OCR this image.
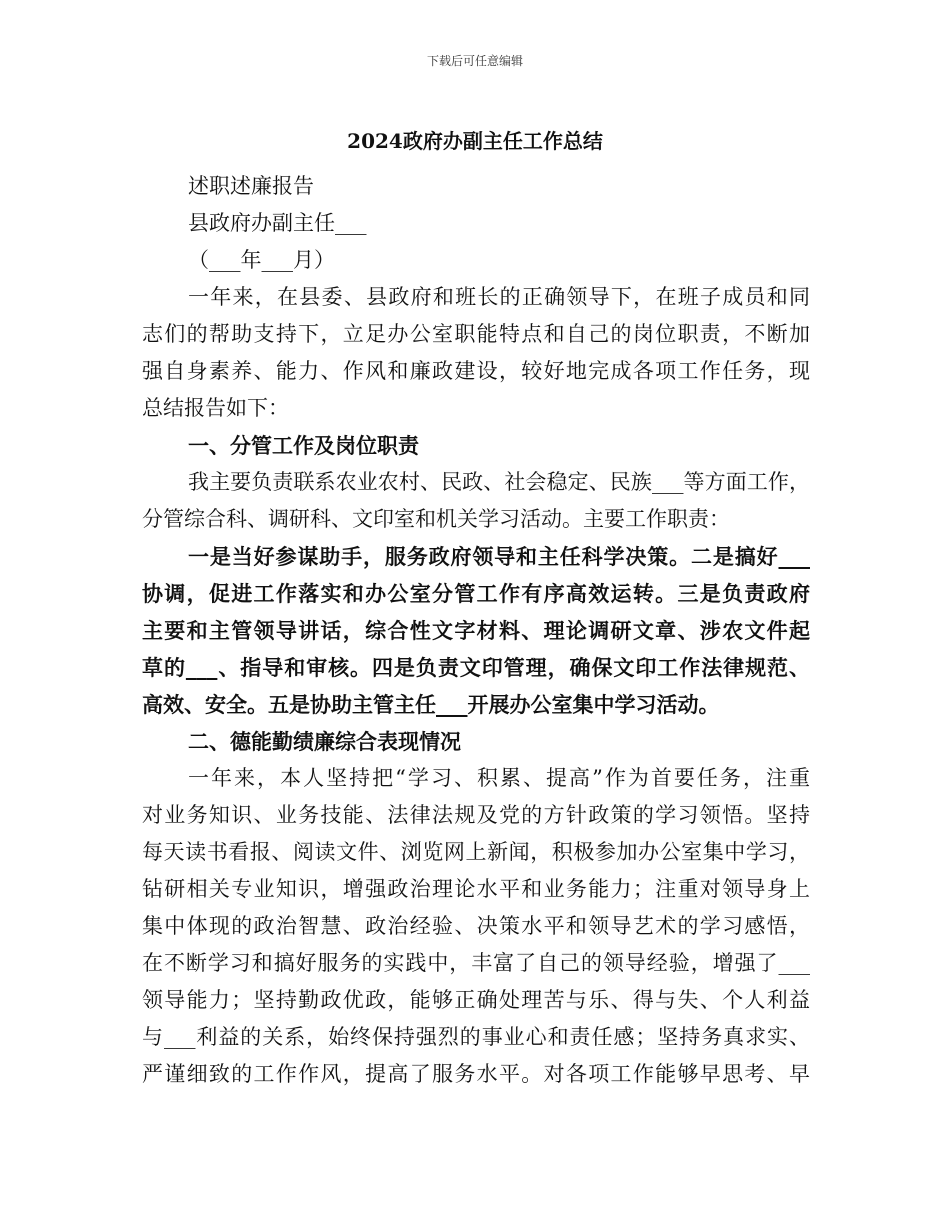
下载后可任意编辑
2024政府办副主任工作总结
述职述廉报告
县政府办副主任___
（___年___月）
一年来，在县委、县政府和班长的正确领导下，在班子成员和同
志们的帮助支持下，立足办公室职能特点和自己的岗位职责，不断加
强自身素养、能力、作风和廉政建设，较好地完成各项工作任务，现
总结报告如下：
一、分管工作及岗位职责
我主要负责联系农业农村、民政、社会稳定、民族___等方面工作，
分管综合科、调研科、文印室和机关学习活动。主要工作职责：
一是当好参谋助手，服务政府领导和主任科学决策。二是搞好___
协调，促进工作落实和办公室分管工作有序高效运转。三是负责政府
主要和主管领导讲话，综合性文字材料、理论调研文章、涉农文件起
草的___、指导和审核。四是负责文印管理，确保文印工作法律规范、
高效、安全。五是协助主管主任___开展办公室集中学习活动。
二、德能勤绩廉综合表现情况
一年来，本人坚持把“学习、积累、提高”作为首要任务，注重
对业务知识、业务技能、法律法规及党的方针政策的学习领悟。坚持
每天读书看报、阅读文件、浏览网上新闻，积极参加办公室集中学习，
钻研相关专业知识，增强政治理论水平和业务能力；注重对领导身上
集中体现的政治智慧、政治经验、决策水平和领导艺术的学习感悟，
在不断学习和搞好服务的实践中，丰富了自己的领导经验，增强了___
领导能力；坚持勤政优政，能够正确处理苦与乐、得与失、个人利益
与___利益的关系，始终保持强烈的事业心和责任感；坚持务真求实、
严谨细致的工作作风，提高了服务水平。对各项工作能够早思考、早
